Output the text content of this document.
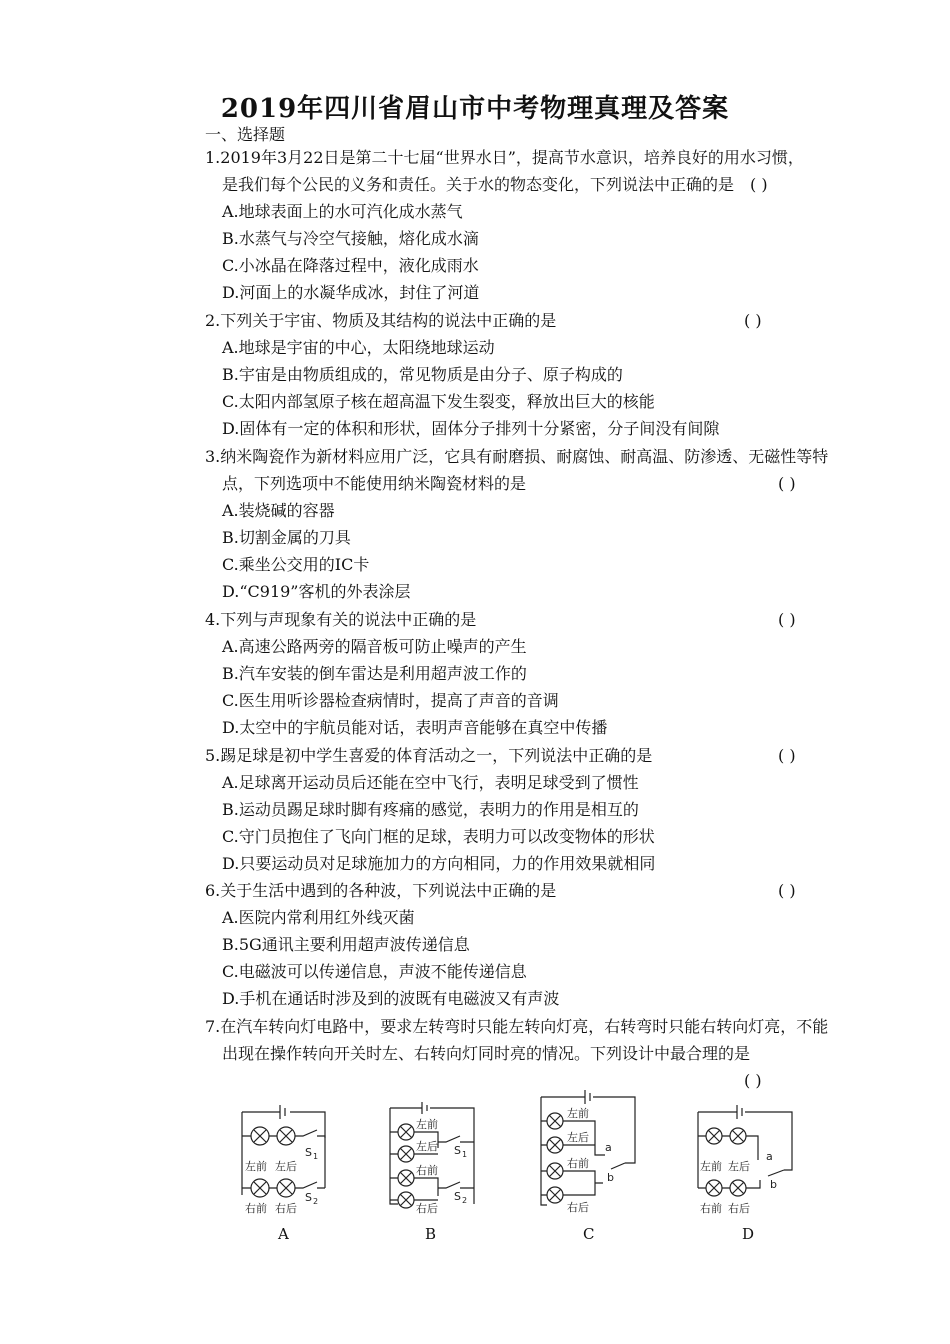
2019年四川省眉山市中考物理真理及答案
一、选择题
1.2019年3月22日是第二十七届“世界水日”，提高节水意识，培养良好的用水习惯，
是我们每个公民的义务和责任。关于水的物态变化，下列说法中正确的是 ( )
A.地球表面上的水可汽化成水蒸气
B.水蒸气与冷空气接触，熔化成水滴
C.小冰晶在降落过程中，液化成雨水
D.河面上的水凝华成冰，封住了河道
2.下列关于宇宙、物质及其结构的说法中正确的是	( )
A.地球是宇宙的中心，太阳绕地球运动
B.宇宙是由物质组成的，常见物质是由分子、原子构成的
C.太阳内部氢原子核在超高温下发生裂变，释放出巨大的核能
D.固体有一定的体积和形状，固体分子排列十分紧密，分子间没有间隙
3.纳米陶瓷作为新材料应用广泛，它具有耐磨损、耐腐蚀、耐高温、防渗透、无磁性等特
点，下列选项中不能使用纳米陶瓷材料的是	( )
A.装烧碱的容器
B.切割金属的刀具
C.乘坐公交用的IC卡
D.“C919”客机的外表涂层
4.下列与声现象有关的说法中正确的是	( )
A.高速公路两旁的隔音板可防止噪声的产生
B.汽车安装的倒车雷达是利用超声波工作的
C.医生用听诊器检查病情时，提高了声音的音调
D.太空中的宇航员能对话，表明声音能够在真空中传播
5.踢足球是初中学生喜爱的体育活动之一，下列说法中正确的是	( )
A.足球离开运动员后还能在空中飞行，表明足球受到了惯性
B.运动员踢足球时脚有疼痛的感觉，表明力的作用是相互的
C.守门员抱住了飞向门框的足球，表明力可以改变物体的形状
D.只要运动员对足球施加力的方向相同，力的作用效果就相同
6.关于生活中遇到的各种波，下列说法中正确的是	( )
A.医院内常利用红外线灭菌
B.5G通讯主要利用超声波传递信息
C.电磁波可以传递信息，声波不能传递信息
D.手机在通话时涉及到的波既有电磁波又有声波
7.在汽车转向灯电路中，要求左转弯时只能左转向灯亮，右转弯时只能右转向灯亮，不能
出现在操作转向开关时左、右转向灯同时亮的情况。下列设计中最合理的是
( )
左前 左后
S 1
右前 右后
S 2
左前
左后 S 1
右前
右后
S 2
左前
左后
a
右前
b
右后
左前 左后
a
b
右前 右后
A	B	C	D
